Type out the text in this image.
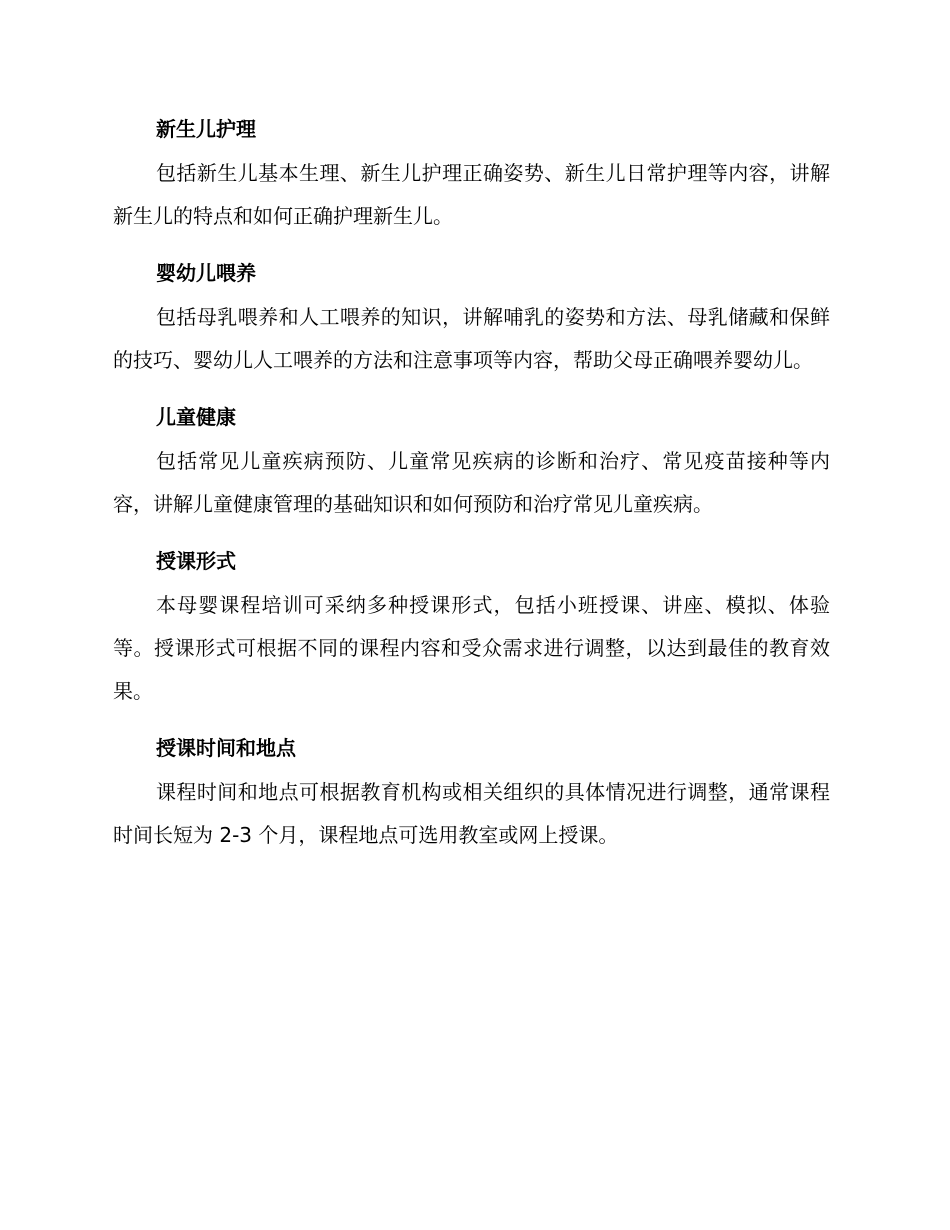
新生儿护理

包括新生儿基本生理、新生儿护理正确姿势、新生儿日常护理等内容，讲解新生儿的特点和如何正确护理新生儿。

婴幼儿喂养

包括母乳喂养和人工喂养的知识，讲解哺乳的姿势和方法、母乳储藏和保鲜的技巧、婴幼儿人工喂养的方法和注意事项等内容，帮助父母正确喂养婴幼儿。

儿童健康

包括常见儿童疾病预防、儿童常见疾病的诊断和治疗、常见疫苗接种等内容，讲解儿童健康管理的基础知识和如何预防和治疗常见儿童疾病。

授课形式

本母婴课程培训可采纳多种授课形式，包括小班授课、讲座、模拟、体验等。授课形式可根据不同的课程内容和受众需求进行调整，以达到最佳的教育效果。

授课时间和地点

课程时间和地点可根据教育机构或相关组织的具体情况进行调整，通常课程时间长短为 2-3 个月，课程地点可选用教室或网上授课。
